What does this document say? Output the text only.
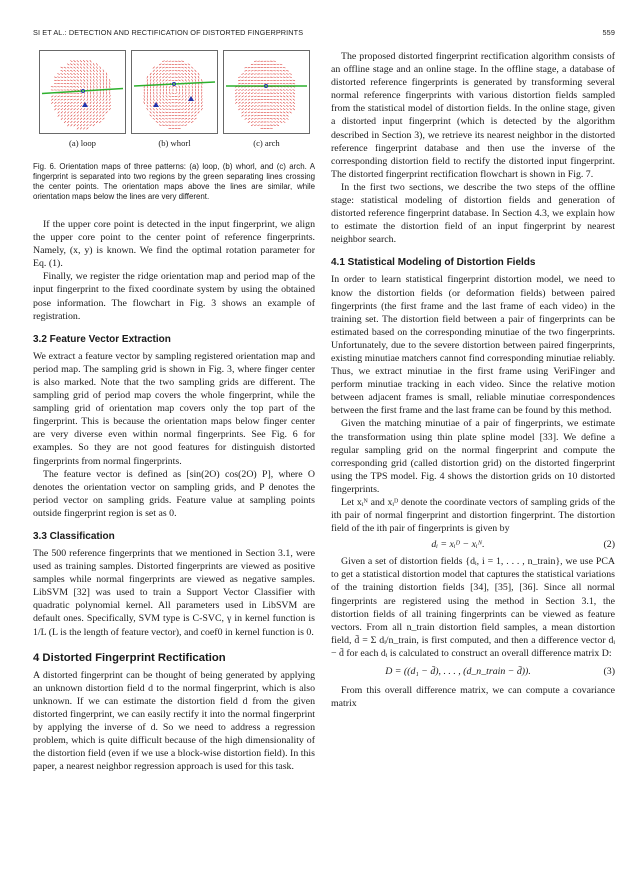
SI ET AL.: DETECTION AND RECTIFICATION OF DISTORTED FINGERPRINTS	559
(a) loop	(b) whorl	(c) arch
Fig. 6. Orientation maps of three patterns: (a) loop, (b) whorl, and (c) arch. A fingerprint is separated into two regions by the green separating lines crossing the center points. The orientation maps above the lines are similar, while orientation maps below the lines are very different.

If the upper core point is detected in the input fingerprint, we align the upper core point to the center point of reference fingerprints. Namely, (x, y) is known. We find the optimal rotation parameter for Eq. (1).

Finally, we register the ridge orientation map and period map of the input fingerprint to the fixed coordinate system by using the obtained pose information. The flowchart in Fig. 3 shows an example of registration.

3.2 Feature Vector Extraction

We extract a feature vector by sampling registered orientation map and period map. The sampling grid is shown in Fig. 3, where finger center is also marked. Note that the two sampling grids are different. The sampling grid of period map covers the whole fingerprint, while the sampling grid of orientation map covers only the top part of the fingerprint. This is because the orientation maps below finger center are very diverse even within normal fingerprints. See Fig. 6 for examples. So they are not good features for distinguish distorted fingerprints from normal fingerprints.

The feature vector is defined as [sin(2O) cos(2O) P], where O denotes the orientation vector on sampling grids, and P denotes the period vector on sampling grids. Feature value at sampling points outside fingerprint region is set as 0.

3.3 Classification

The 500 reference fingerprints that we mentioned in Section 3.1, were used as training samples. Distorted fingerprints are viewed as positive samples while normal fingerprints are viewed as negative samples. LibSVM [32] was used to train a Support Vector Classifier with quadratic polynomial kernel. All parameters used in LibSVM are default ones. Specifically, SVM type is C-SVC, γ in kernel function is 1/L (L is the length of feature vector), and coef0 in kernel function is 0.

4 Distorted Fingerprint Rectification

A distorted fingerprint can be thought of being generated by applying an unknown distortion field d to the normal fingerprint, which is also unknown. If we can estimate the distortion field d from the given distorted fingerprint, we can easily rectify it into the normal fingerprint by applying the inverse of d. So we need to address a regression problem, which is quite difficult because of the high dimensionality of the distortion field (even if we use a block-wise distortion field). In this paper, a nearest neighbor regression approach is used for this task.

The proposed distorted fingerprint rectification algorithm consists of an offline stage and an online stage. In the offline stage, a database of distorted reference fingerprints is generated by transforming several normal reference fingerprints with various distortion fields sampled from the statistical model of distortion fields. In the online stage, given a distorted input fingerprint (which is detected by the algorithm described in Section 3), we retrieve its nearest neighbor in the distorted reference fingerprint database and then use the inverse of the corresponding distortion field to rectify the distorted input fingerprint. The distorted fingerprint rectification flowchart is shown in Fig. 7.

In the first two sections, we describe the two steps of the offline stage: statistical modeling of distortion fields and generation of distorted reference fingerprint database. In Section 4.3, we explain how to estimate the distortion field of an input fingerprint by nearest neighbor search.

4.1 Statistical Modeling of Distortion Fields

In order to learn statistical fingerprint distortion model, we need to know the distortion fields (or deformation fields) between paired fingerprints (the first frame and the last frame of each video) in the training set. The distortion field between a pair of fingerprints can be estimated based on the corresponding minutiae of the two fingerprints. Unfortunately, due to the severe distortion between paired fingerprints, existing minutiae matchers cannot find corresponding minutiae reliably. Thus, we extract minutiae in the first frame using VeriFinger and perform minutiae tracking in each video. Since the relative motion between adjacent frames is small, reliable minutiae correspondences between the first frame and the last frame can be found by this method.

Given the matching minutiae of a pair of fingerprints, we estimate the transformation using thin plate spline model [33]. We define a regular sampling grid on the normal fingerprint and compute the corresponding grid (called distortion grid) on the distorted fingerprint using the TPS model. Fig. 4 shows the distortion grids on 10 distorted fingerprints.

Let xᵢᴺ and xᵢᴰ denote the coordinate vectors of sampling grids of the ith pair of normal fingerprint and distortion fingerprint. The distortion field of the ith pair of fingerprints is given by

dᵢ = xᵢᴰ − xᵢᴺ.	(2)

Given a set of distortion fields {dᵢ, i = 1, . . . , n_train}, we use PCA to get a statistical distortion model that captures the statistical variations of the training distortion fields [34], [35], [36]. Since all normal fingerprints are registered using the method in Section 3.1, the distortion fields of all training fingerprints can be viewed as feature vectors. From all n_train distortion field samples, a mean distortion field, d̄ = Σ dᵢ/n_train, is first computed, and then a difference vector dᵢ − d̄ for each dᵢ is calculated to construct an overall difference matrix D:

D = ((d₁ − d̄), . . . , (d_n_train − d̄)).	(3)

From this overall difference matrix, we can compute a covariance matrix
